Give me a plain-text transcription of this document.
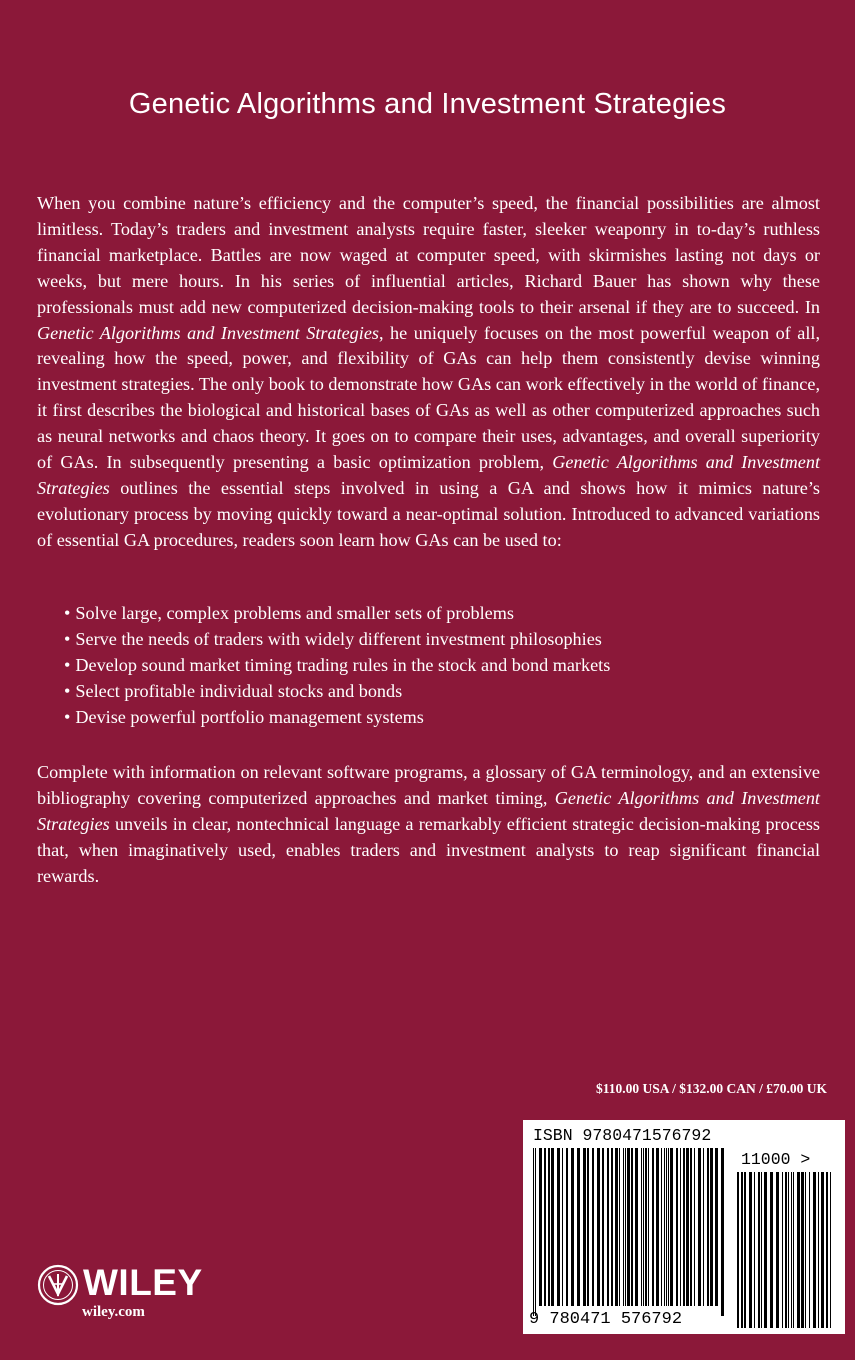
Genetic Algorithms and Investment Strategies

When you combine nature’s efficiency and the computer’s speed, the financial possibilities are almost limitless. Today’s traders and investment analysts require faster, sleeker weaponry in to-day’s ruthless financial marketplace. Battles are now waged at computer speed, with skirmishes lasting not days or weeks, but mere hours. In his series of influential articles, Richard Bauer has shown why these professionals must add new computerized decision-making tools to their arsenal if they are to succeed. In Genetic Algorithms and Investment Strategies, he uniquely focuses on the most powerful weapon of all, revealing how the speed, power, and flexibility of GAs can help them consistently devise winning investment strategies. The only book to demonstrate how GAs can work effectively in the world of finance, it first describes the biological and historical bases of GAs as well as other computerized approaches such as neural networks and chaos theory. It goes on to compare their uses, advantages, and overall superiority of GAs. In subsequently presenting a basic optimization problem, Genetic Algorithms and Investment Strategies outlines the essential steps involved in using a GA and shows how it mimics nature’s evolutionary process by moving quickly toward a near-optimal solution. Introduced to advanced variations of essential GA procedures, readers soon learn how GAs can be used to:

• Solve large, complex problems and smaller sets of problems
• Serve the needs of traders with widely different investment philosophies
• Develop sound market timing trading rules in the stock and bond markets
• Select profitable individual stocks and bonds
• Devise powerful portfolio management systems

Complete with information on relevant software programs, a glossary of GA terminology, and an extensive bibliography covering computerized approaches and market timing, Genetic Algorithms and Investment Strategies unveils in clear, nontechnical language a remarkably efficient strategic decision-making process that, when imaginatively used, enables traders and investment analysts to reap significant financial rewards.

$110.00 USA / $132.00 CAN / £70.00 UK
ISBN 9780471576792
11000 >
9 780471 576792
WILEY
wiley.com
